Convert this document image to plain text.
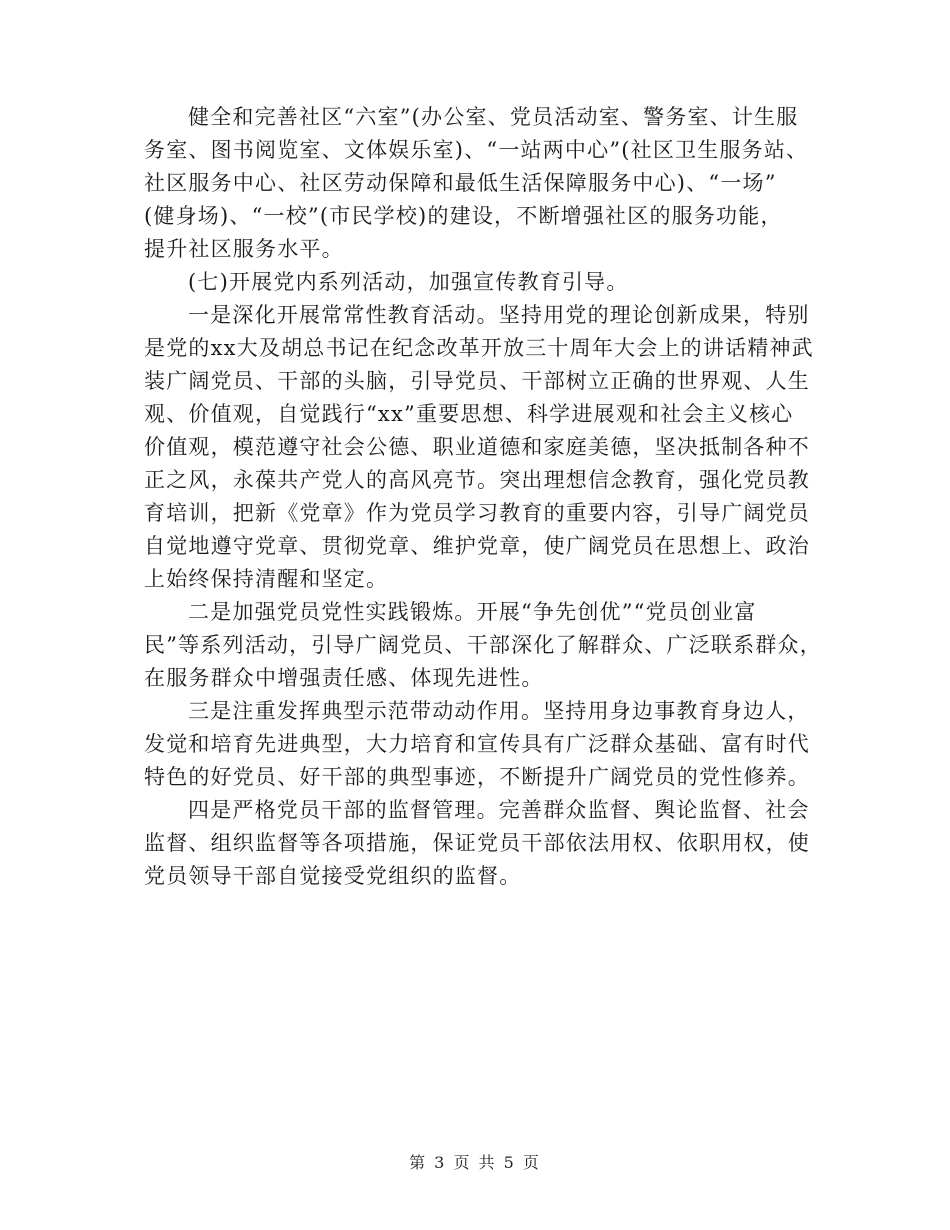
健全和完善社区“六室”(办公室、党员活动室、警务室、计生服
务室、图书阅览室、文体娱乐室)、“一站两中心”(社区卫生服务站、
社区服务中心、社区劳动保障和最低生活保障服务中心)、“一场”
(健身场)、“一校”(市民学校)的建设，不断增强社区的服务功能，
提升社区服务水平。

(七)开展党内系列活动，加强宣传教育引导。

一是深化开展常常性教育活动。坚持用党的理论创新成果，特别
是党的xx大及胡总书记在纪念改革开放三十周年大会上的讲话精神武
装广阔党员、干部的头脑，引导党员、干部树立正确的世界观、人生
观、价值观，自觉践行“xx”重要思想、科学进展观和社会主义核心
价值观，模范遵守社会公德、职业道德和家庭美德，坚决抵制各种不
正之风，永葆共产党人的高风亮节。突出理想信念教育，强化党员教
育培训，把新《党章》作为党员学习教育的重要内容，引导广阔党员
自觉地遵守党章、贯彻党章、维护党章，使广阔党员在思想上、政治
上始终保持清醒和坚定。

二是加强党员党性实践锻炼。开展“争先创优”“党员创业富
民”等系列活动，引导广阔党员、干部深化了解群众、广泛联系群众，
在服务群众中增强责任感、体现先进性。

三是注重发挥典型示范带动动作用。坚持用身边事教育身边人，
发觉和培育先进典型，大力培育和宣传具有广泛群众基础、富有时代
特色的好党员、好干部的典型事迹，不断提升广阔党员的党性修养。

四是严格党员干部的监督管理。完善群众监督、舆论监督、社会
监督、组织监督等各项措施，保证党员干部依法用权、依职用权，使
党员领导干部自觉接受党组织的监督。

第 3 页 共 5 页
